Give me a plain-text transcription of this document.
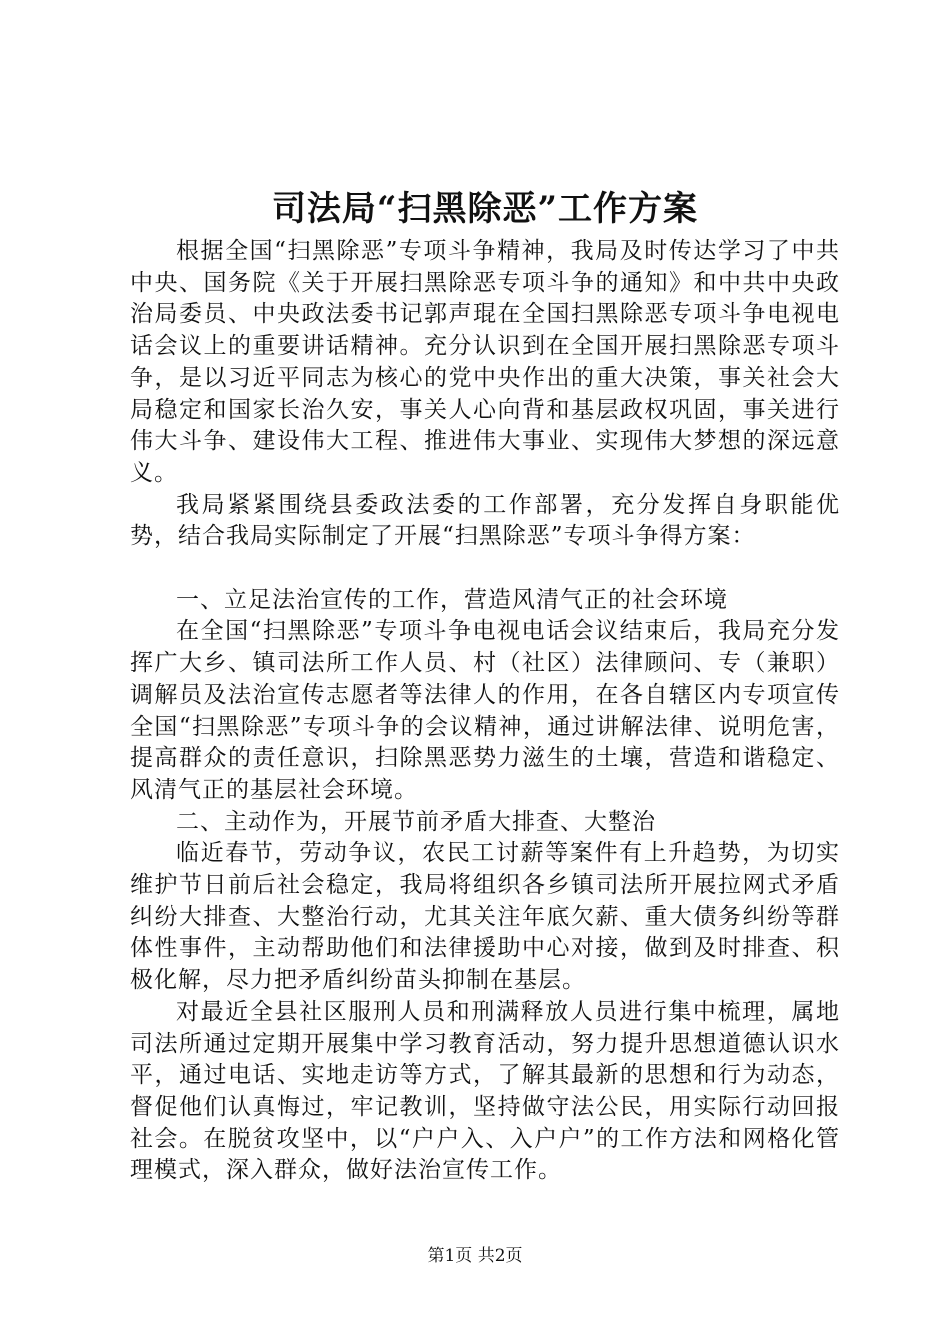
司法局“扫黑除恶”工作方案

根据全国“扫黑除恶”专项斗争精神，我局及时传达学习了中共中央、国务院《关于开展扫黑除恶专项斗争的通知》和中共中央政治局委员、中央政法委书记郭声琨在全国扫黑除恶专项斗争电视电话会议上的重要讲话精神。充分认识到在全国开展扫黑除恶专项斗争，是以习近平同志为核心的党中央作出的重大决策，事关社会大局稳定和国家长治久安，事关人心向背和基层政权巩固，事关进行伟大斗争、建设伟大工程、推进伟大事业、实现伟大梦想的深远意义。

我局紧紧围绕县委政法委的工作部署，充分发挥自身职能优势，结合我局实际制定了开展“扫黑除恶”专项斗争得方案：

一、立足法治宣传的工作，营造风清气正的社会环境

在全国“扫黑除恶”专项斗争电视电话会议结束后，我局充分发挥广大乡、镇司法所工作人员、村（社区）法律顾问、专（兼职）调解员及法治宣传志愿者等法律人的作用，在各自辖区内专项宣传全国“扫黑除恶”专项斗争的会议精神，通过讲解法律、说明危害，提高群众的责任意识，扫除黑恶势力滋生的土壤，营造和谐稳定、风清气正的基层社会环境。

二、主动作为，开展节前矛盾大排查、大整治

临近春节，劳动争议，农民工讨薪等案件有上升趋势，为切实维护节日前后社会稳定，我局将组织各乡镇司法所开展拉网式矛盾纠纷大排查、大整治行动，尤其关注年底欠薪、重大债务纠纷等群体性事件，主动帮助他们和法律援助中心对接，做到及时排查、积极化解，尽力把矛盾纠纷苗头抑制在基层。

对最近全县社区服刑人员和刑满释放人员进行集中梳理，属地司法所通过定期开展集中学习教育活动，努力提升思想道德认识水平，通过电话、实地走访等方式，了解其最新的思想和行为动态，督促他们认真悔过，牢记教训，坚持做守法公民，用实际行动回报社会。在脱贫攻坚中，以“户户入、入户户”的工作方法和网格化管理模式，深入群众，做好法治宣传工作。

第1页 共2页
